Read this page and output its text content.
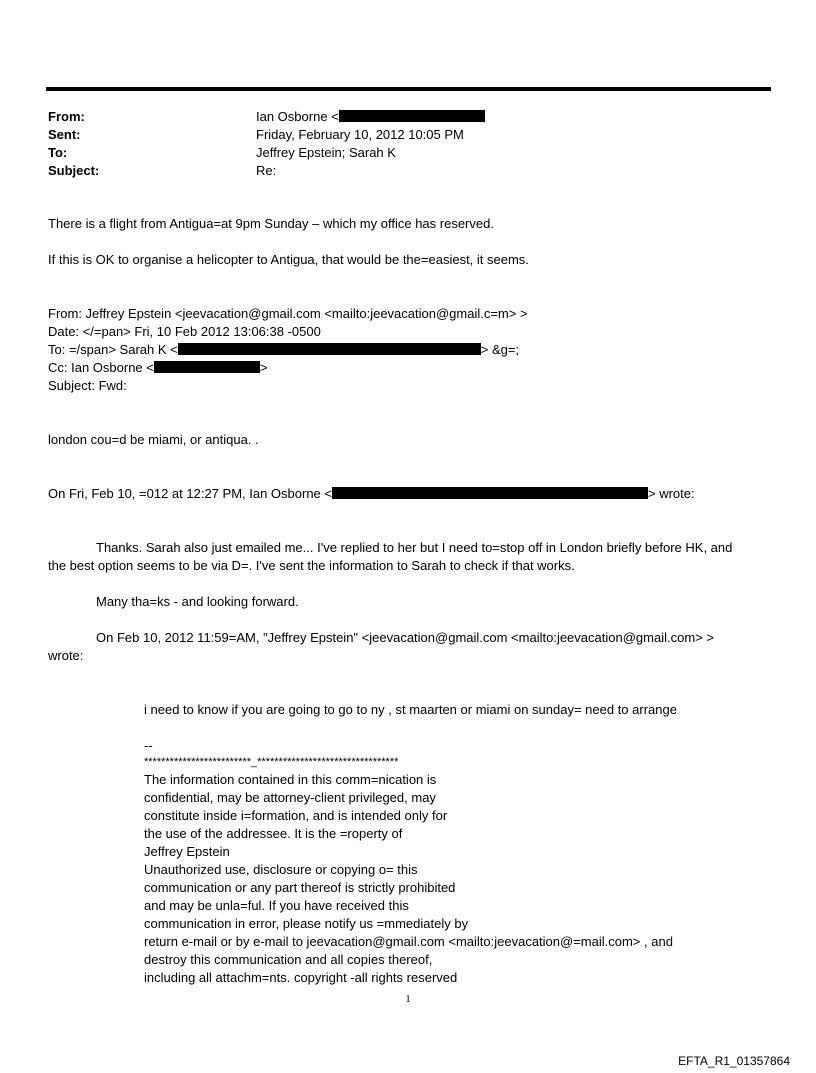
From:	Ian Osborne <
Sent:	Friday, February 10, 2012 10:05 PM
To:	Jeffrey Epstein; Sarah K
Subject:	Re:
There is a flight from Antigua=at 9pm Sunday – which my office has reserved.
If this is OK to organise a helicopter to Antigua, that would be the=easiest, it seems.
From: Jeffrey Epstein <jeevacation@gmail.com <mailto:jeevacation@gmail.c=m> >
Date: </=pan> Fri, 10 Feb 2012 13:06:38 -0500
To: =/span> Sarah K <	> &g=;
Cc: Ian Osborne <	>
Subject: Fwd:
london cou=d be miami, or antiqua. .
On Fri, Feb 10, =012 at 12:27 PM, Ian Osborne <	> wrote:
Thanks. Sarah also just emailed me... I've replied to her but I need to=stop off in London briefly before HK, and
the best option seems to be via D=. I've sent the information to Sarah to check if that works.
Many tha=ks - and looking forward.
On Feb 10, 2012 11:59=AM, "Jeffrey Epstein" <jeevacation@gmail.com <mailto:jeevacation@gmail.com> >
wrote:
i need to know if you are going to go to ny , st maarten or miami on sunday= need to arrange
--
*************************_*********************************
The information contained in this comm=nication is
confidential, may be attorney-client privileged, may
constitute inside i=formation, and is intended only for
the use of the addressee. It is the =roperty of
Jeffrey Epstein
Unauthorized use, disclosure or copying o= this
communication or any part thereof is strictly prohibited
and may be unla=ful. If you have received this
communication in error, please notify us =mmediately by
return e-mail or by e-mail to jeevacation@gmail.com <mailto:jeevacation@=mail.com> , and
destroy this communication and all copies thereof,
including all attachm=nts. copyright -all rights reserved
1
EFTA_R1_01357864
